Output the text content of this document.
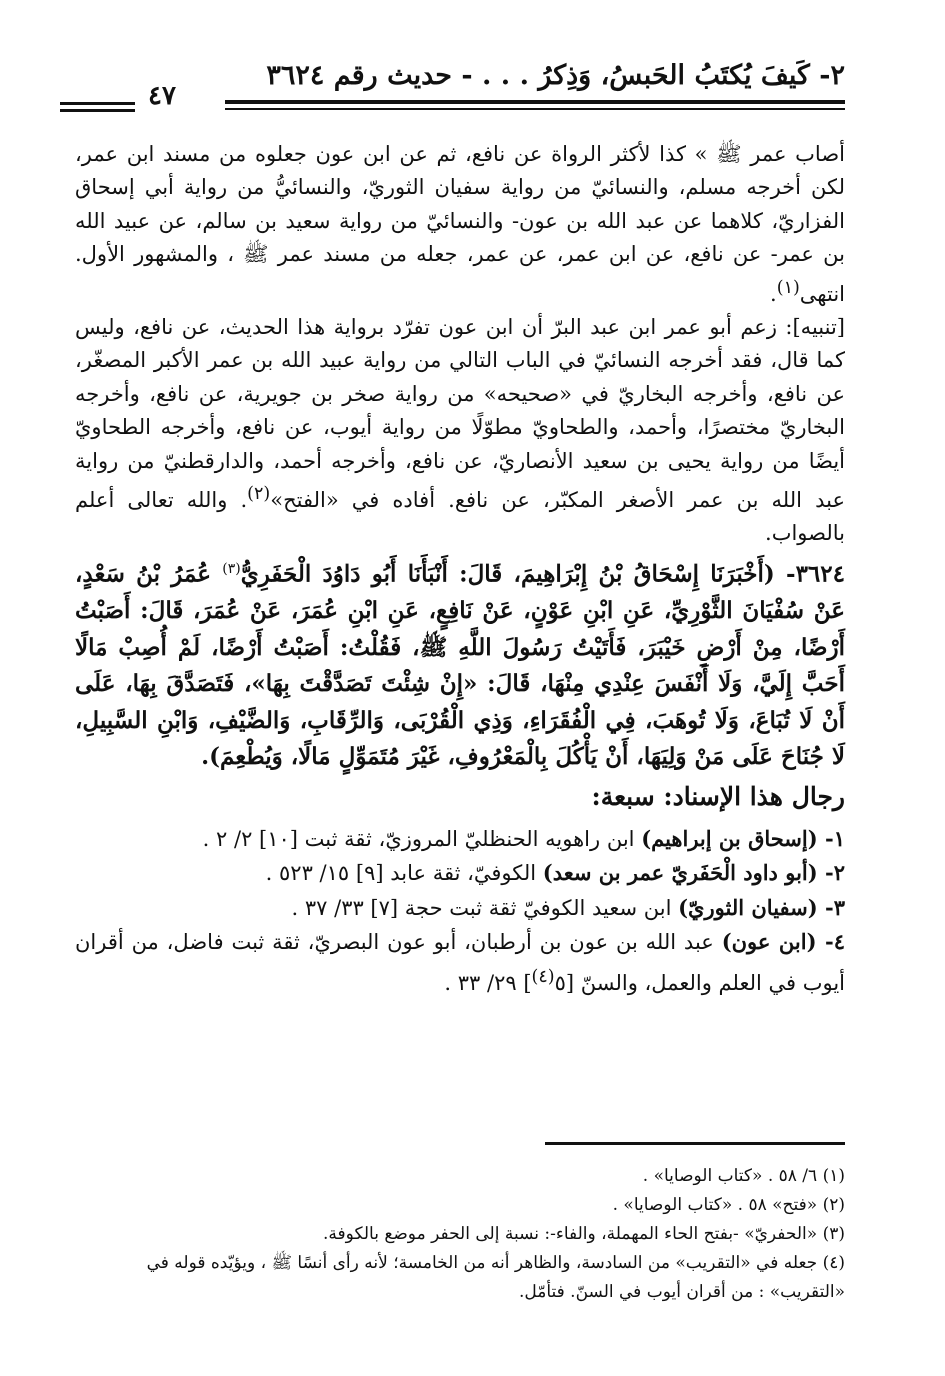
٢- كَيفَ يُكتَبُ الحَبسُ، وَذِكرُ . . . - حديث رقم ٣٦٢٤
٤٧

أصاب عمر ﷺ » كذا لأكثر الرواة عن نافع، ثم عن ابن عون جعلوه من مسند ابن عمر، لكن أخرجه مسلم، والنسائيّ من رواية سفيان الثوريّ، والنسائيُّ من رواية أبي إسحاق الفزاريّ، كلاهما عن عبد الله بن عون- والنسائيّ من رواية سعيد بن سالم، عن عبيد الله بن عمر- عن نافع، عن ابن عمر، عن عمر، جعله من مسند عمر ﷺ ، والمشهور الأول. انتهى$^{(١)}$.

[تنبيه]: زعم أبو عمر ابن عبد البرّ أن ابن عون تفرّد برواية هذا الحديث، عن نافع، وليس كما قال، فقد أخرجه النسائيّ في الباب التالي من رواية عبيد الله بن عمر الأكبر المصغّر، عن نافع، وأخرجه البخاريّ في «صحيحه» من رواية صخر بن جويرية، عن نافع، وأخرجه البخاريّ مختصرًا، وأحمد، والطحاويّ مطوّلًا من رواية أيوب، عن نافع، وأخرجه الطحاويّ أيضًا من رواية يحيى بن سعيد الأنصاريّ، عن نافع، وأخرجه أحمد، والدارقطنيّ من رواية عبد الله بن عمر الأصغر المكبّر، عن نافع. أفاده في «الفتح»$^{(٢)}$. والله تعالى أعلم بالصواب.

٣٦٢٤- (أَخْبَرَنَا إِسْحَاقُ بْنُ إِبْرَاهِيمَ، قَالَ: أَنْبَأَنَا أَبُو دَاوُدَ الْحَفَرِيُّ$^{(٣)}$ عُمَرُ بْنُ سَعْدٍ، عَنْ سُفْيَانَ الثَّوْرِيِّ، عَنِ ابْنِ عَوْنٍ، عَنْ نَافِعٍ، عَنِ ابْنِ عُمَرَ، عَنْ عُمَرَ، قَالَ: أَصَبْتُ أَرْضًا، مِنْ أَرْضِ خَيْبَرَ، فَأَتَيْتُ رَسُولَ اللَّهِ ﷺ، فَقُلْتُ: أَصَبْتُ أَرْضًا، لَمْ أُصِبْ مَالًا أَحَبَّ إِلَيَّ، وَلَا أَنْفَسَ عِنْدِي مِنْهَا، قَالَ: «إِنْ شِئْتَ تَصَدَّقْتَ بِهَا»، فَتَصَدَّقَ بِهَا، عَلَى أَنْ لَا تُبَاعَ، وَلَا تُوهَبَ، فِي الْفُقَرَاءِ، وَذِي الْقُرْبَى، وَالرِّقَابِ، وَالضَّيْفِ، وَابْنِ السَّبِيلِ، لَا جُنَاحَ عَلَى مَنْ وَلِيَهَا، أَنْ يَأْكُلَ بِالْمَعْرُوفِ، غَيْرَ مُتَمَوِّلٍ مَالًا، وَيُطْعِمَ).

رجال هذا الإسناد: سبعة:

١- (إسحاق بن إبراهيم) ابن راهويه الحنظليّ المروزيّ، ثقة ثبت [١٠] ٢/ ٢ .

٢- (أبو داود الْحَفَريّ عمر بن سعد) الكوفيّ، ثقة عابد [٩] ١٥/ ٥٢٣ .

٣- (سفيان الثوريّ) ابن سعيد الكوفيّ ثقة ثبت حجة [٧] ٣٣/ ٣٧ .

٤- (ابن عون) عبد الله بن عون بن أرطبان، أبو عون البصريّ، ثقة ثبت فاضل، من أقران أيوب في العلم والعمل، والسنّ [٥$^{(٤)}$] ٢٩/ ٣٣ .

(١) ٦/ ٥٨ . «كتاب الوصايا» .

(٢) «فتح» ٥٨ . «كتاب الوصايا» .

(٣) «الحفريّ» -بفتح الحاء المهملة، والفاء-: نسبة إلى الحفر موضع بالكوفة.

(٤) جعله في «التقريب» من السادسة، والظاهر أنه من الخامسة؛ لأنه رأى أنسًا ﷺ ، ويؤيّده قوله في «التقريب» : من أقران أيوب في السنّ. فتأمّل.
